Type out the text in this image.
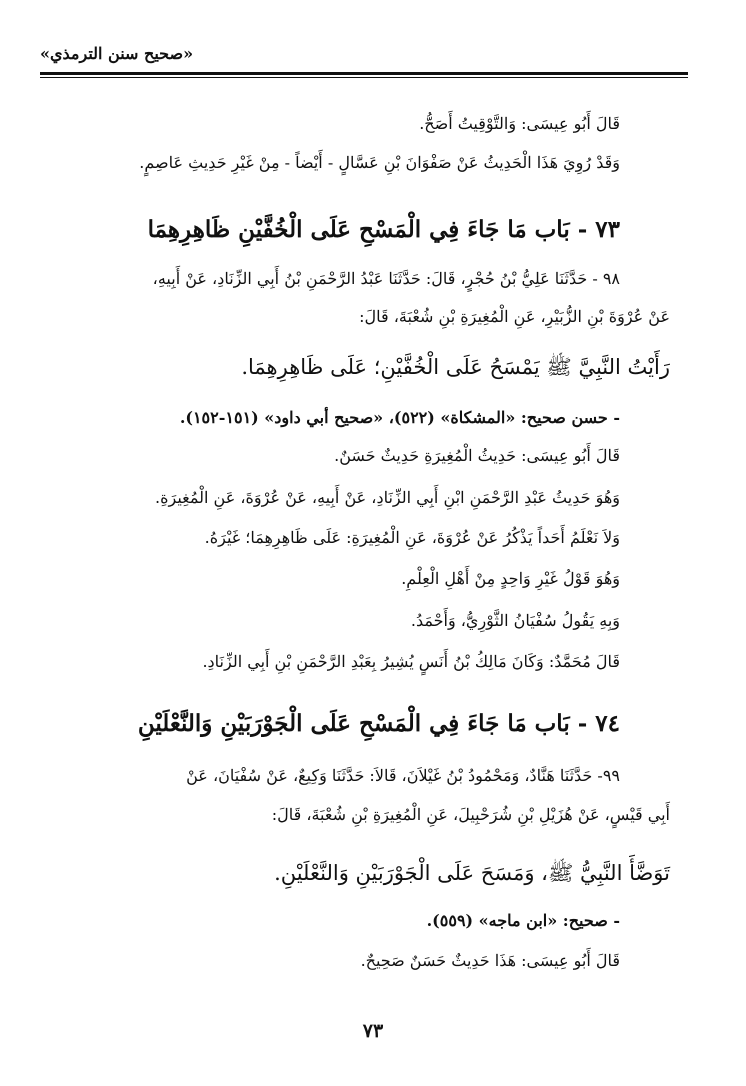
«صحيح سنن الترمذي»
قَالَ أَبُو عِيسَى: وَالتَّوْقِيتُ أَصَحُّ.
وَقَدْ رُوِيَ هَذَا الْحَدِيثُ عَنْ صَفْوَانَ بْنِ عَسَّالٍ - أَيْضاً - مِنْ غَيْرِ حَدِيثِ عَاصِمٍ.
٧٣ - بَاب مَا جَاءَ فِي الْمَسْحِ عَلَى الْخُفَّيْنِ ظَاهِرِهِمَا
٩٨ - حَدَّثَنَا عَلِيُّ بْنُ حُجْرٍ، قَالَ: حَدَّثَنَا عَبْدُ الرَّحْمَنِ بْنُ أَبِي الزِّنَادِ، عَنْ أَبِيهِ،
عَنْ عُرْوَةَ بْنِ الزُّبَيْرِ، عَنِ الْمُغِيرَةِ بْنِ شُعْبَةَ، قَالَ:
رَأَيْتُ النَّبِيَّ ﷺ يَمْسَحُ عَلَى الْخُفَّيْنِ؛ عَلَى ظَاهِرِهِمَا.
- حسن صحيح: «المشكاة» (٥٢٢)، «صحيح أبي داود» (١٥١-١٥٢).
قَالَ أَبُو عِيسَى: حَدِيثُ الْمُغِيرَةِ حَدِيثٌ حَسَنٌ.
وَهُوَ حَدِيثُ عَبْدِ الرَّحْمَنِ ابْنِ أَبِي الزِّنَادِ، عَنْ أَبِيهِ، عَنْ عُرْوَةَ، عَنِ الْمُغِيرَةِ.
وَلاَ نَعْلَمُ أَحَداً يَذْكُرُ عَنْ عُرْوَةَ، عَنِ الْمُغِيرَةِ: عَلَى ظَاهِرِهِمَا؛ غَيْرَهُ.
وَهُوَ قَوْلُ غَيْرِ وَاحِدٍ مِنْ أَهْلِ الْعِلْمِ.
وَبِهِ يَقُولُ سُفْيَانُ الثَّوْرِيُّ، وَأَحْمَدُ.
قَالَ مُحَمَّدٌ: وَكَانَ مَالِكُ بْنُ أَنَسٍ يُشِيرُ بِعَبْدِ الرَّحْمَنِ بْنِ أَبِي الزِّنَادِ.
٧٤ - بَاب مَا جَاءَ فِي الْمَسْحِ عَلَى الْجَوْرَبَيْنِ وَالنَّعْلَيْنِ
٩٩- حَدَّثَنَا هَنَّادٌ، وَمَحْمُودُ بْنُ غَيْلاَنَ، قَالاَ: حَدَّثَنَا وَكِيعٌ، عَنْ سُفْيَانَ، عَنْ
أَبِي قَيْسٍ، عَنْ هُزَيْلِ بْنِ شُرَحْبِيلَ، عَنِ الْمُغِيرَةِ بْنِ شُعْبَةَ، قَالَ:
تَوَضَّأَ النَّبِيُّ ﷺ، وَمَسَحَ عَلَى الْجَوْرَبَيْنِ وَالنَّعْلَيْنِ.
- صحيح: «ابن ماجه» (٥٥٩).
قَالَ أَبُو عِيسَى: هَذَا حَدِيثٌ حَسَنٌ صَحِيحٌ.
٧٣
